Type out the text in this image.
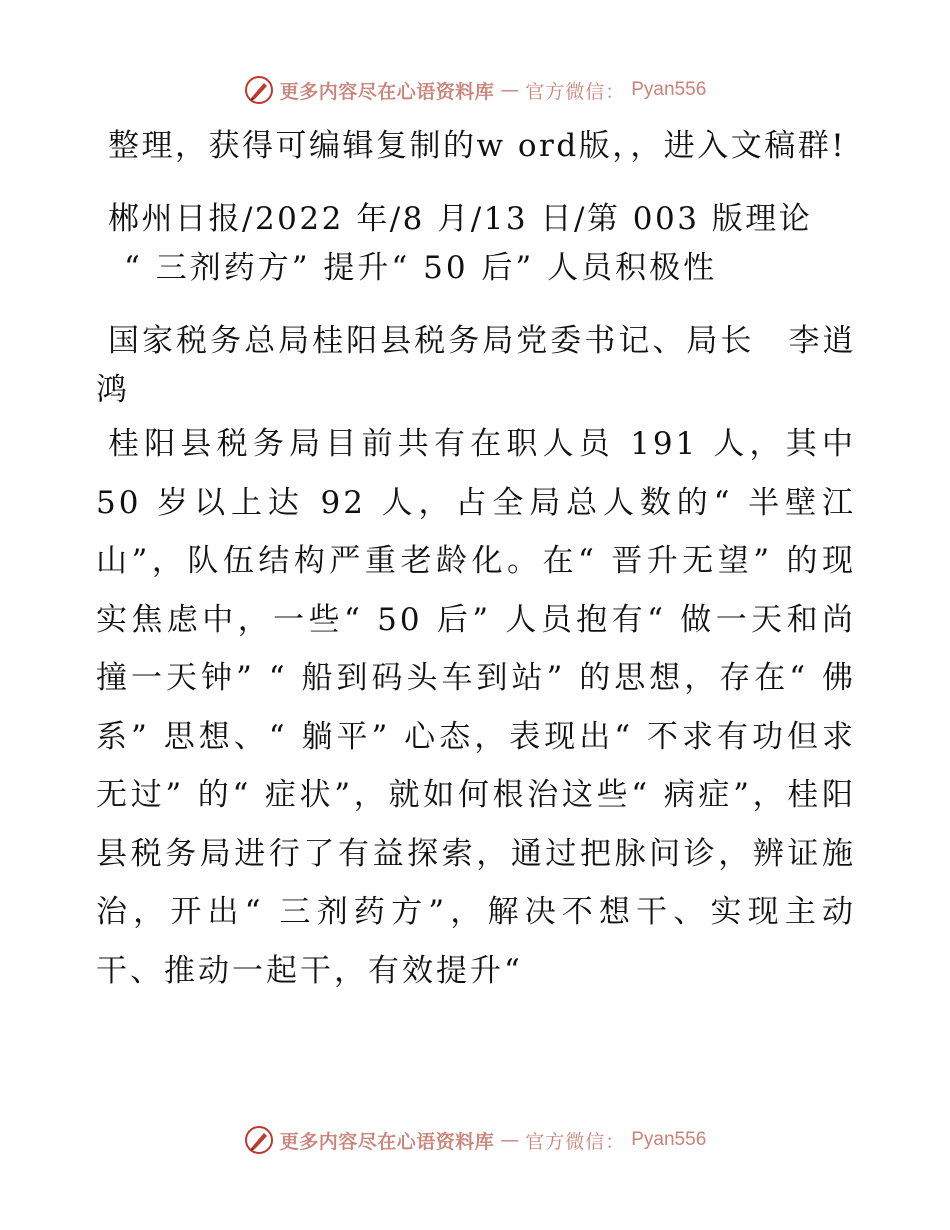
更多内容尽在心语资料库 — 官方微信： Pyan556

整理，获得可编辑复制的w ord版，，进入文稿群!

郴州日报/2022 年/8 月/13 日/第 003 版理论

“ 三剂药方” 提升“ 50 后” 人员积极性

国家税务总局桂阳县税务局党委书记、局长　李逍鸿

桂阳县税务局目前共有在职人员 191 人，其中 50 岁以上达 92 人，占全局总人数的“ 半壁江山”，队伍结构严重老龄化。在“ 晋升无望” 的现实焦虑中，一些“ 50 后” 人员抱有“ 做一天和尚撞一天钟” “ 船到码头车到站” 的思想，存在“ 佛系” 思想、“ 躺平” 心态，表现出“ 不求有功但求无过” 的“ 症状”，就如何根治这些“ 病症”，桂阳县税务局进行了有益探索，通过把脉问诊，辨证施治，开出“ 三剂药方”，解决不想干、实现主动干、推动一起干，有效提升“

更多内容尽在心语资料库 — 官方微信： Pyan556
